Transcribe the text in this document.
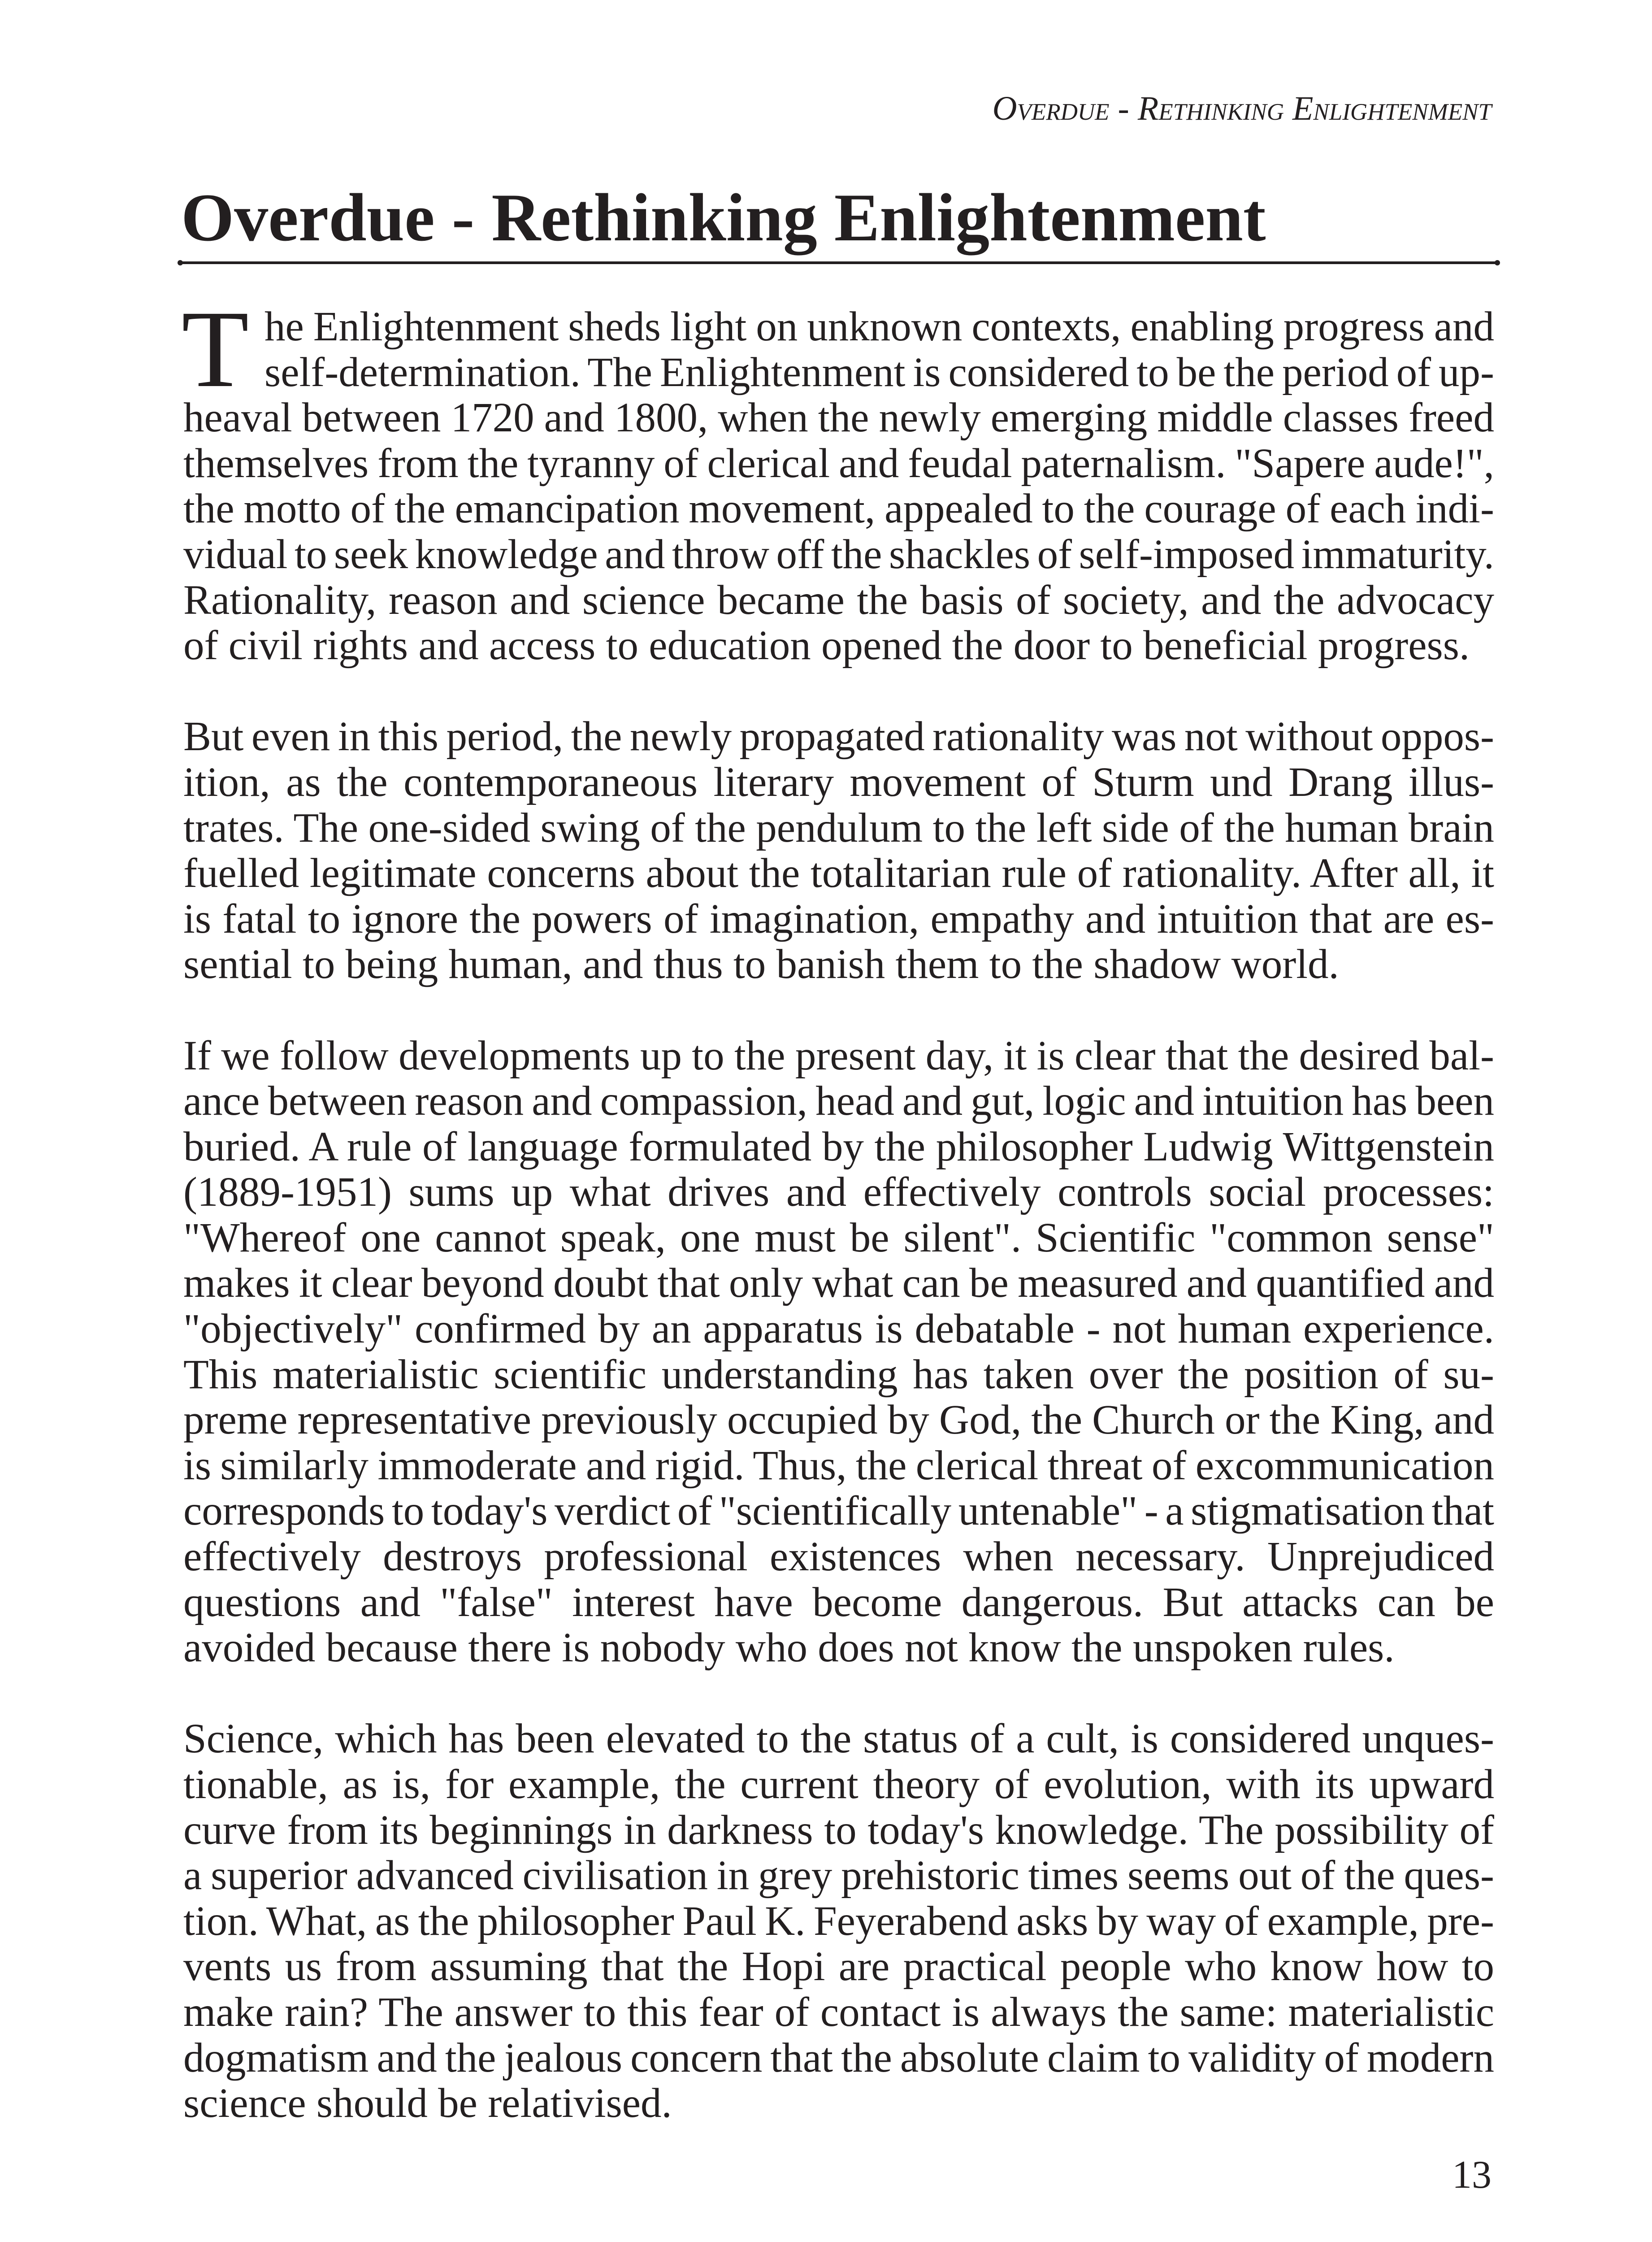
Overdue - Rethinking Enlightenment
Overdue - Rethinking Enlightenment
T he Enlightenment sheds light on unknown contexts, enabling progress and
self-determination. The Enlightenment is considered to be the period of up-
heaval between 1720 and 1800, when the newly emerging middle classes freed
themselves from the tyranny of clerical and feudal paternalism. "Sapere aude!",
the motto of the emancipation movement, appealed to the courage of each indi-
vidual to seek knowledge and throw off the shackles of self-imposed immaturity.
Rationality, reason and science became the basis of society, and the advocacy
of civil rights and access to education opened the door to beneficial progress.
But even in this period, the newly propagated rationality was not without oppos-
ition, as the contemporaneous literary movement of Sturm und Drang illus-
trates. The one-sided swing of the pendulum to the left side of the human brain
fuelled legitimate concerns about the totalitarian rule of rationality. After all, it
is fatal to ignore the powers of imagination, empathy and intuition that are es-
sential to being human, and thus to banish them to the shadow world.
If we follow developments up to the present day, it is clear that the desired bal-
ance between reason and compassion, head and gut, logic and intuition has been
buried. A rule of language formulated by the philosopher Ludwig Wittgenstein
(1889-1951) sums up what drives and effectively controls social processes:
"Whereof one cannot speak, one must be silent". Scientific "common sense"
makes it clear beyond doubt that only what can be measured and quantified and
"objectively" confirmed by an apparatus is debatable - not human experience.
This materialistic scientific understanding has taken over the position of su-
preme representative previously occupied by God, the Church or the King, and
is similarly immoderate and rigid. Thus, the clerical threat of excommunication
corresponds to today's verdict of "scientifically untenable" - a stigmatisation that
effectively destroys professional existences when necessary. Unprejudiced
questions and "false" interest have become dangerous. But attacks can be
avoided because there is nobody who does not know the unspoken rules.
Science, which has been elevated to the status of a cult, is considered unques-
tionable, as is, for example, the current theory of evolution, with its upward
curve from its beginnings in darkness to today's knowledge. The possibility of
a superior advanced civilisation in grey prehistoric times seems out of the ques-
tion. What, as the philosopher Paul K. Feyerabend asks by way of example, pre-
vents us from assuming that the Hopi are practical people who know how to
make rain? The answer to this fear of contact is always the same: materialistic
dogmatism and the jealous concern that the absolute claim to validity of modern
science should be relativised.
13
